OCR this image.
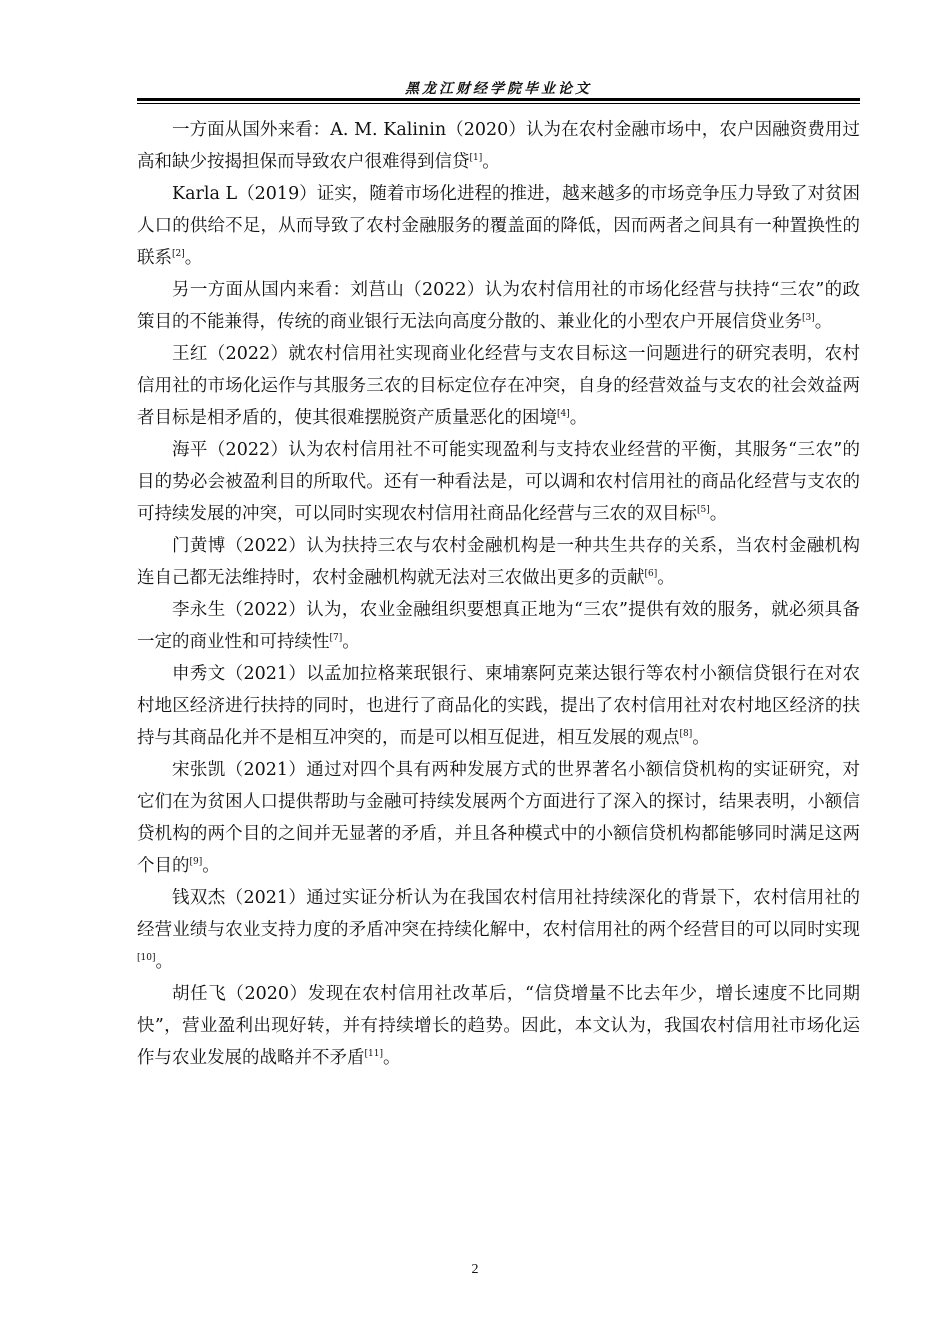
黑龙江财经学院毕业论文

一方面从国外来看：A. M. Kalinin（2020）认为在农村金融市场中，农户因融资费用过高和缺少按揭担保而导致农户很难得到信贷[1]。

Karla L（2019）证实，随着市场化进程的推进，越来越多的市场竞争压力导致了对贫困人口的供给不足，从而导致了农村金融服务的覆盖面的降低，因而两者之间具有一种置换性的联系[2]。

另一方面从国内来看：刘莒山（2022）认为农村信用社的市场化经营与扶持“三农”的政策目的不能兼得，传统的商业银行无法向高度分散的、兼业化的小型农户开展信贷业务[3]。

王红（2022）就农村信用社实现商业化经营与支农目标这一问题进行的研究表明，农村信用社的市场化运作与其服务三农的目标定位存在冲突，自身的经营效益与支农的社会效益两者目标是相矛盾的，使其很难摆脱资产质量恶化的困境[4]。

海平（2022）认为农村信用社不可能实现盈利与支持农业经营的平衡，其服务“三农”的目的势必会被盈利目的所取代。还有一种看法是，可以调和农村信用社的商品化经营与支农的可持续发展的冲突，可以同时实现农村信用社商品化经营与三农的双目标[5]。

门黄博（2022）认为扶持三农与农村金融机构是一种共生共存的关系，当农村金融机构连自己都无法维持时，农村金融机构就无法对三农做出更多的贡献[6]。

李永生（2022）认为，农业金融组织要想真正地为“三农”提供有效的服务，就必须具备一定的商业性和可持续性[7]。

申秀文（2021）以孟加拉格莱珉银行、柬埔寨阿克莱达银行等农村小额信贷银行在对农村地区经济进行扶持的同时，也进行了商品化的实践，提出了农村信用社对农村地区经济的扶持与其商品化并不是相互冲突的，而是可以相互促进，相互发展的观点[8]。

宋张凯（2021）通过对四个具有两种发展方式的世界著名小额信贷机构的实证研究，对它们在为贫困人口提供帮助与金融可持续发展两个方面进行了深入的探讨，结果表明，小额信贷机构的两个目的之间并无显著的矛盾，并且各种模式中的小额信贷机构都能够同时满足这两个目的[9]。

钱双杰（2021）通过实证分析认为在我国农村信用社持续深化的背景下，农村信用社的经营业绩与农业支持力度的矛盾冲突在持续化解中，农村信用社的两个经营目的可以同时实现[10]。

胡任飞（2020）发现在农村信用社改革后，“信贷增量不比去年少，增长速度不比同期快”，营业盈利出现好转，并有持续增长的趋势。因此，本文认为，我国农村信用社市场化运作与农业发展的战略并不矛盾[11]。

2
